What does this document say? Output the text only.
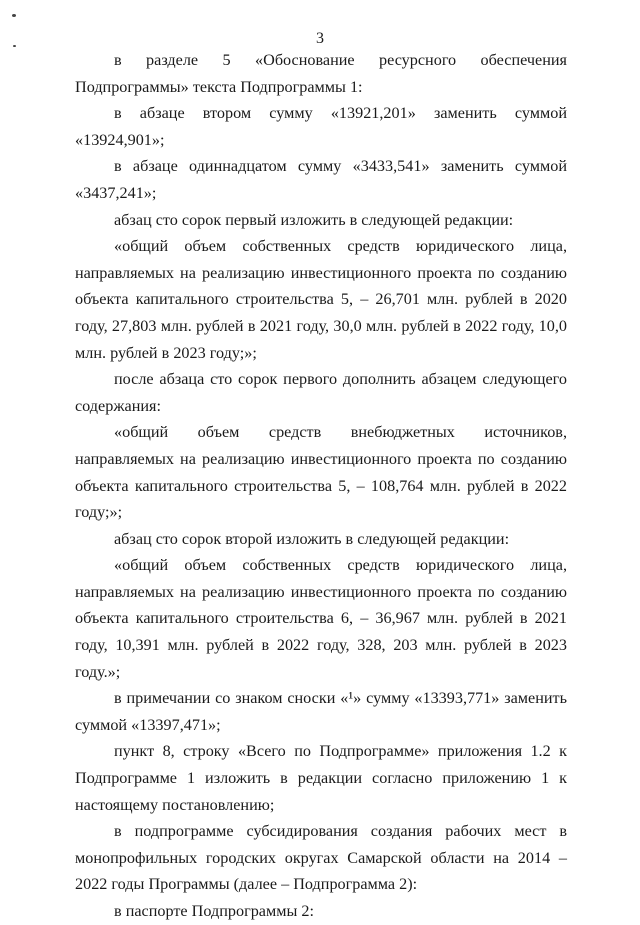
3

в разделе 5 «Обоснование ресурсного обеспечения Подпрограммы» текста Подпрограммы 1:

в абзаце втором сумму «13921,201» заменить суммой «13924,901»;

в абзаце одиннадцатом сумму «3433,541» заменить суммой «3437,241»;

абзац сто сорок первый изложить в следующей редакции:

«общий объем собственных средств юридического лица, направляемых на реализацию инвестиционного проекта по созданию объекта капитального строительства 5, – 26,701 млн. рублей в 2020 году, 27,803 млн. рублей в 2021 году, 30,0 млн. рублей в 2022 году, 10,0 млн. рублей в 2023 году;»;

после абзаца сто сорок первого дополнить абзацем следующего содержания:

«общий объем средств внебюджетных источников, направляемых на реализацию инвестиционного проекта по созданию объекта капитального строительства 5, – 108,764 млн. рублей в 2022 году;»;

абзац сто сорок второй изложить в следующей редакции:

«общий объем собственных средств юридического лица, направляемых на реализацию инвестиционного проекта по созданию объекта капитального строительства 6, – 36,967 млн. рублей в 2021 году, 10,391 млн. рублей в 2022 году, 328, 203 млн. рублей в 2023 году.»;

в примечании со знаком сноски «¹» сумму «13393,771» заменить суммой «13397,471»;

пункт 8, строку «Всего по Подпрограмме» приложения 1.2 к Подпрограмме 1 изложить в редакции согласно приложению 1 к настоящему постановлению;

в подпрограмме субсидирования создания рабочих мест в монопрофильных городских округах Самарской области на 2014 – 2022 годы Программы (далее – Подпрограмма 2):

в паспорте Подпрограммы 2:
